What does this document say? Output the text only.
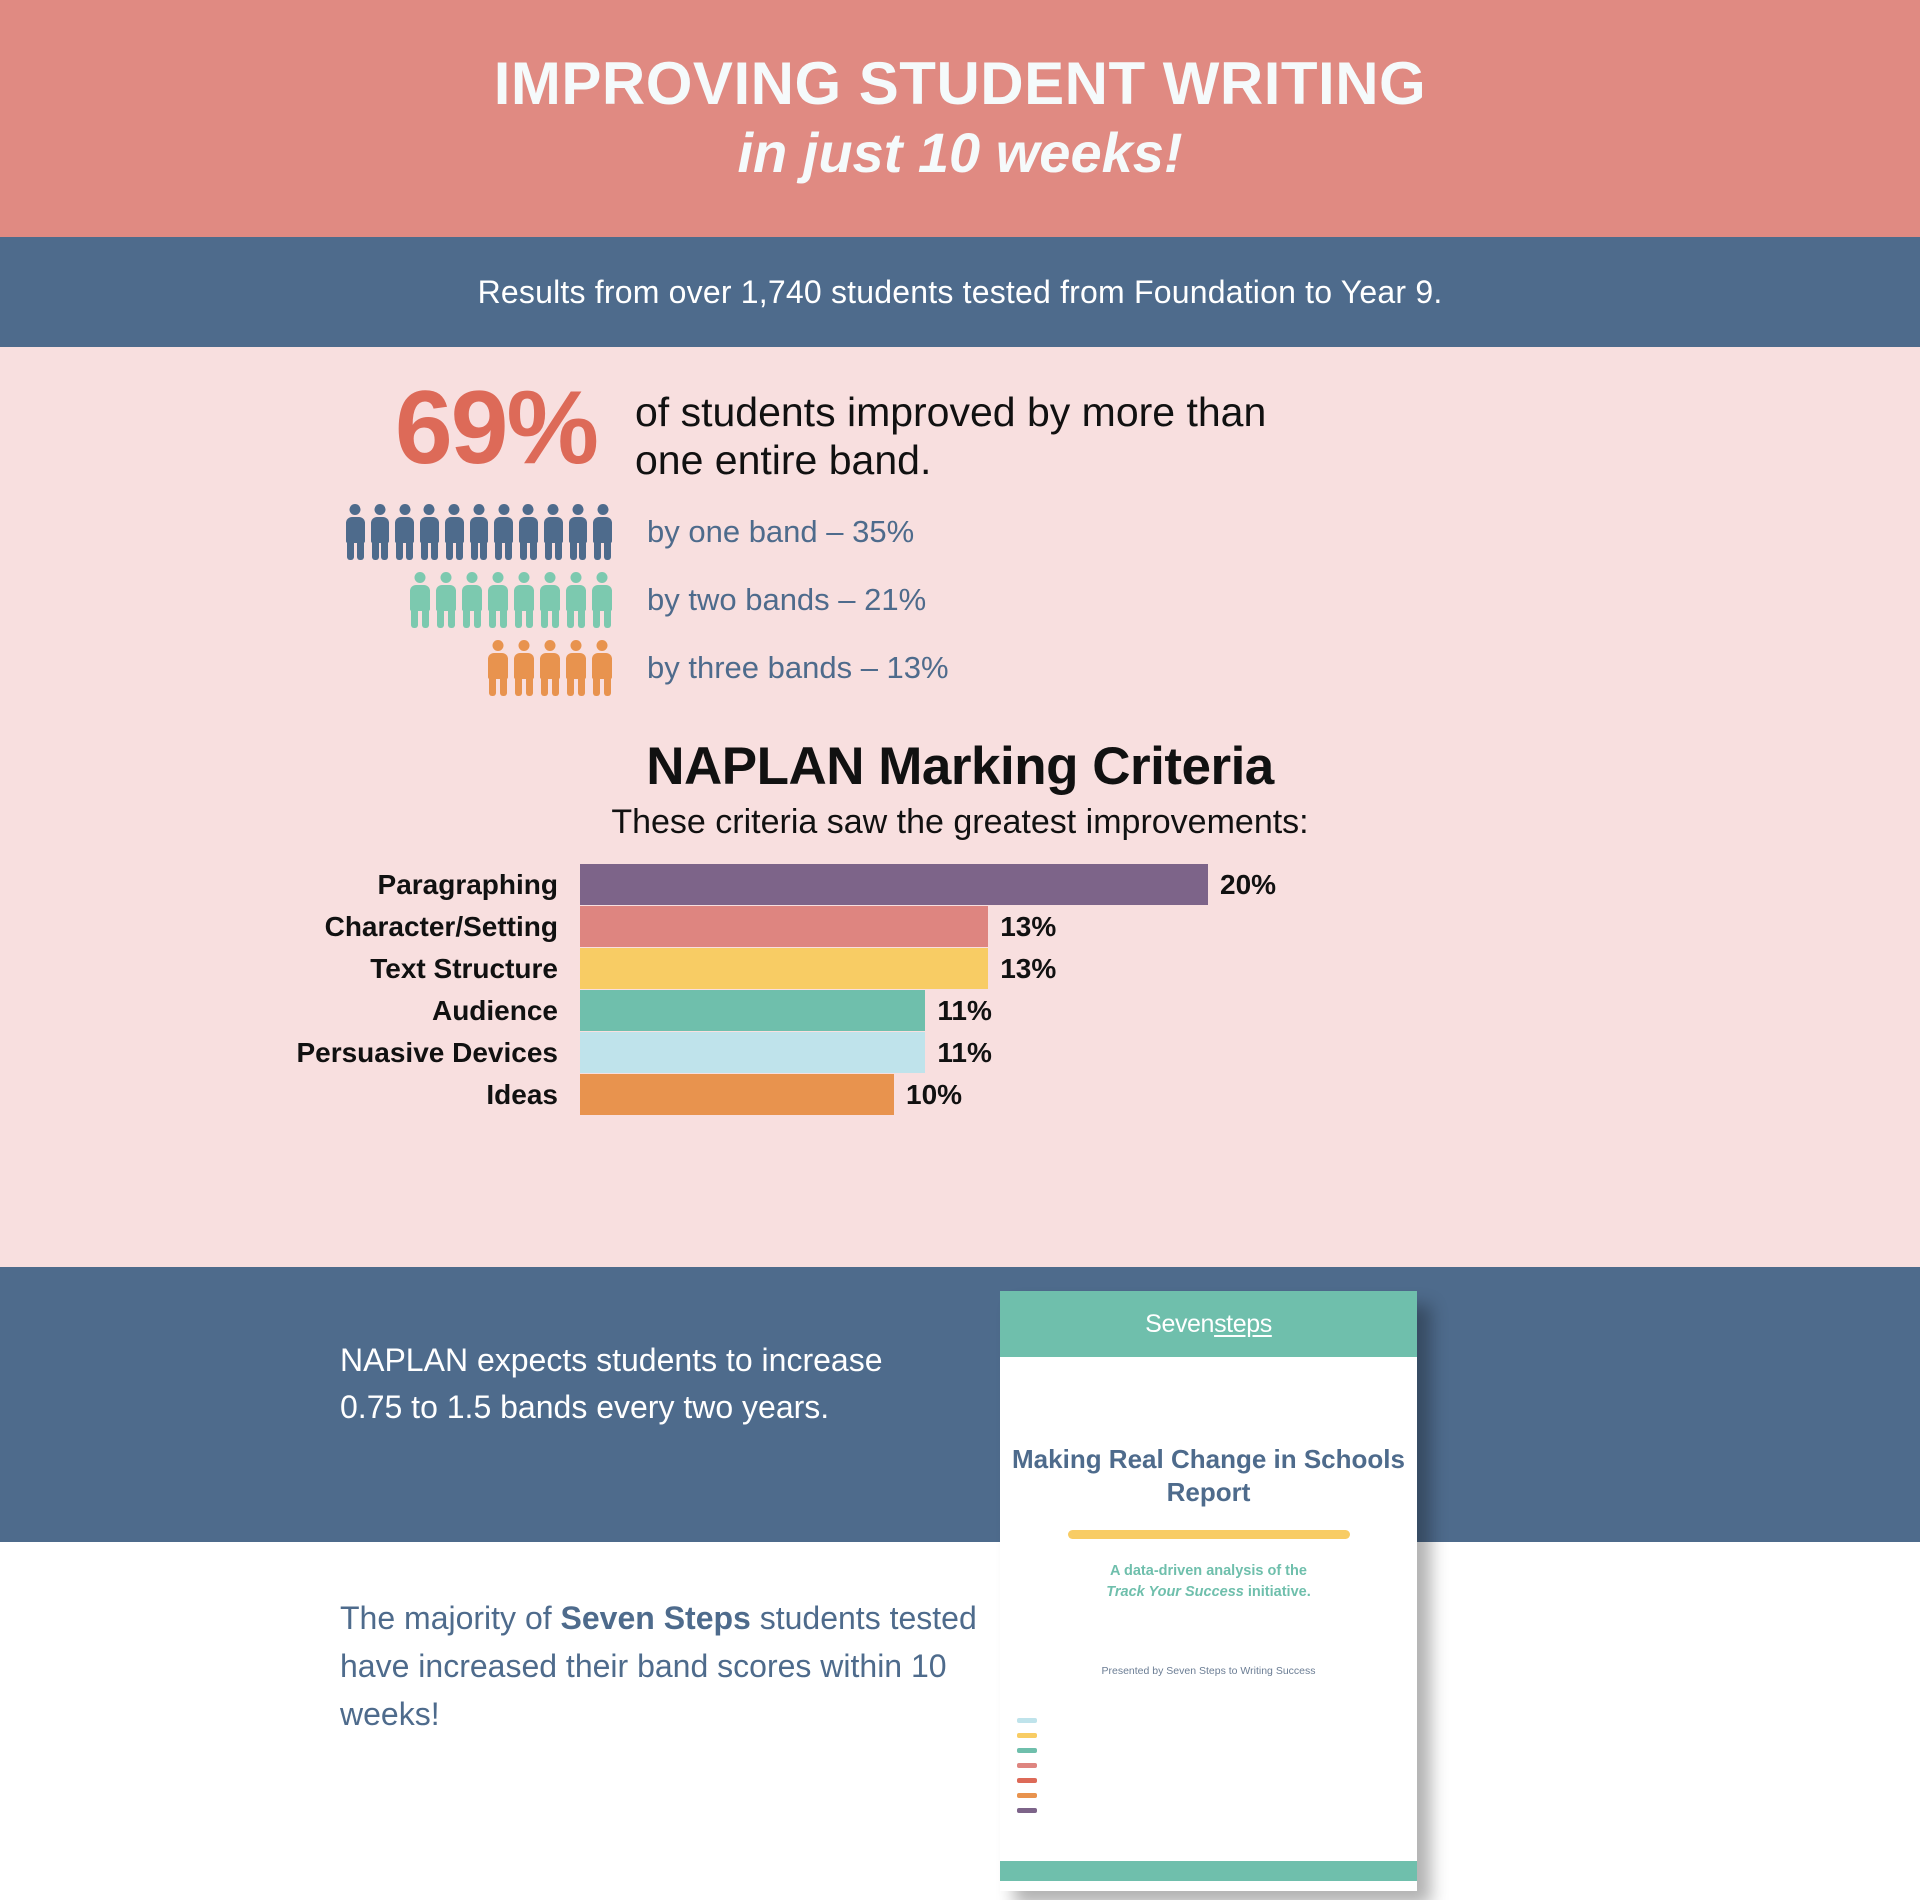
IMPROVING STUDENT WRITING
in just 10 weeks!
Results from over 1,740 students tested from Foundation to Year 9.
69% of students improved by more than one entire band.
by one band – 35%
by two bands – 21%
by three bands – 13%
NAPLAN Marking Criteria
These criteria saw the greatest improvements:
Paragraphing	20%
Character/Setting	13%
Text Structure	13%
Audience	11%
Persuasive Devices	11%
Ideas	10%
NAPLAN expects students to increase 0.75 to 1.5 bands every two years.
The majority of Seven Steps students tested have increased their band scores within 10 weeks!
Sevensteps
Making Real Change in Schools Report
A data-driven analysis of the
Track Your Success initiative.
Presented by Seven Steps to Writing Success
